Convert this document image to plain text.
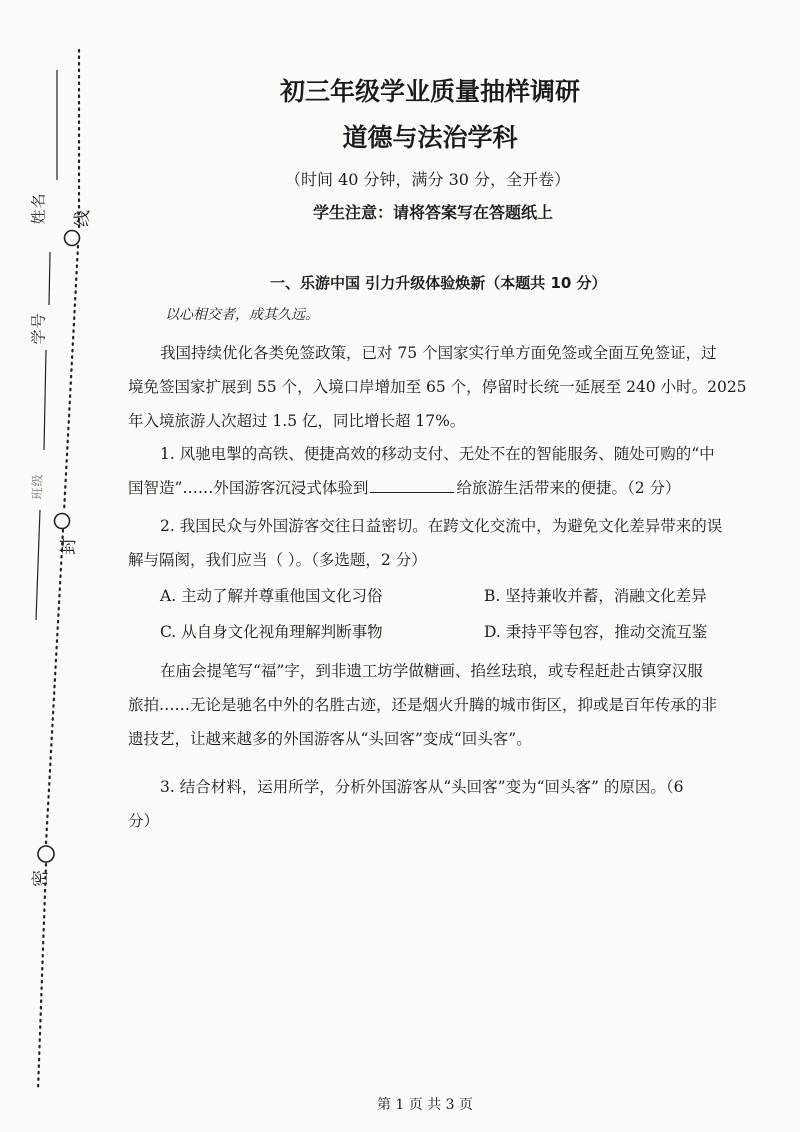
姓名
学号
班级
线
封
密
初三年级学业质量抽样调研
道德与法治学科
（时间 40 分钟，满分 30 分，全开卷）
学生注意：请将答案写在答题纸上
一、乐游中国 引力升级体验焕新（本题共 10 分）
以心相交者，成其久远。
我国持续优化各类免签政策，已对 75 个国家实行单方面免签或全面互免签证，过
境免签国家扩展到 55 个，入境口岸增加至 65 个，停留时长统一延展至 240 小时。2025
年入境旅游人次超过 1.5 亿，同比增长超 17%。
1. 风驰电掣的高铁、便捷高效的移动支付、无处不在的智能服务、随处可购的“中
国智造”……外国游客沉浸式体验到	给旅游生活带来的便捷。（2 分）
2. 我国民众与外国游客交往日益密切。在跨文化交流中，为避免文化差异带来的误
解与隔阂，我们应当（ ）。（多选题，2 分）
A. 主动了解并尊重他国文化习俗	B. 坚持兼收并蓄，消融文化差异
C. 从自身文化视角理解判断事物	D. 秉持平等包容，推动交流互鉴
在庙会提笔写“福”字，到非遗工坊学做糖画、掐丝珐琅，或专程赶赴古镇穿汉服
旅拍……无论是驰名中外的名胜古迹，还是烟火升腾的城市街区，抑或是百年传承的非
遗技艺，让越来越多的外国游客从“头回客”变成“回头客”。
3. 结合材料，运用所学，分析外国游客从“头回客”变为“回头客” 的原因。（6
分）
第 1 页 共 3 页
